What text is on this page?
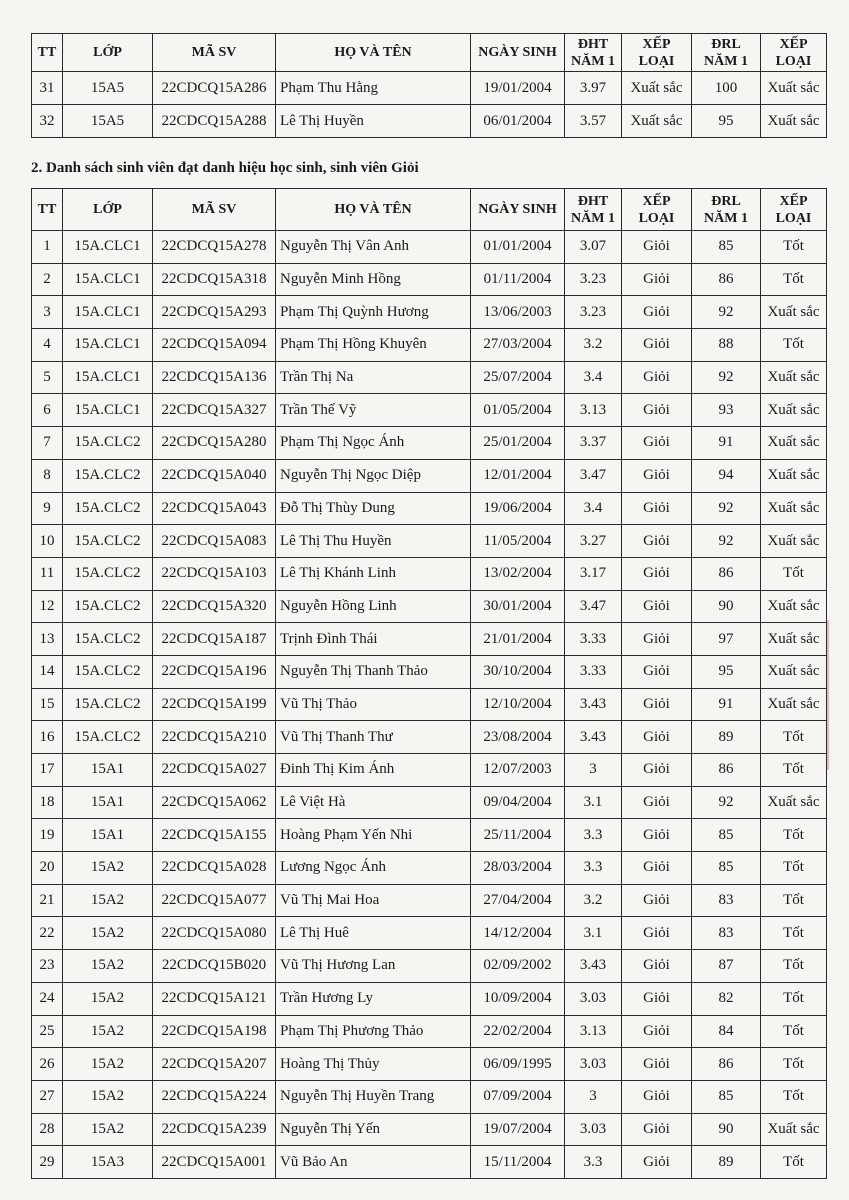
TT	LỚP	MÃ SV	HỌ VÀ TÊN	NGÀY SINH	ĐHT NĂM 1	XẾP LOẠI	ĐRL NĂM 1	XẾP LOẠI
31	15A5	22CDCQ15A286	Phạm Thu Hằng	19/01/2004	3.97	Xuất sắc	100	Xuất sắc
32	15A5	22CDCQ15A288	Lê Thị Huyền	06/01/2004	3.57	Xuất sắc	95	Xuất sắc

2. Danh sách sinh viên đạt danh hiệu học sinh, sinh viên Giỏi

TT	LỚP	MÃ SV	HỌ VÀ TÊN	NGÀY SINH	ĐHT NĂM 1	XẾP LOẠI	ĐRL NĂM 1	XẾP LOẠI
1	15A.CLC1	22CDCQ15A278	Nguyễn Thị Vân Anh	01/01/2004	3.07	Giỏi	85	Tốt
2	15A.CLC1	22CDCQ15A318	Nguyễn Minh Hồng	01/11/2004	3.23	Giỏi	86	Tốt
3	15A.CLC1	22CDCQ15A293	Phạm Thị Quỳnh Hương	13/06/2003	3.23	Giỏi	92	Xuất sắc
4	15A.CLC1	22CDCQ15A094	Phạm Thị Hồng Khuyên	27/03/2004	3.2	Giỏi	88	Tốt
5	15A.CLC1	22CDCQ15A136	Trần Thị Na	25/07/2004	3.4	Giỏi	92	Xuất sắc
6	15A.CLC1	22CDCQ15A327	Trần Thế Vỹ	01/05/2004	3.13	Giỏi	93	Xuất sắc
7	15A.CLC2	22CDCQ15A280	Phạm Thị Ngọc Ánh	25/01/2004	3.37	Giỏi	91	Xuất sắc
8	15A.CLC2	22CDCQ15A040	Nguyễn Thị Ngọc Diệp	12/01/2004	3.47	Giỏi	94	Xuất sắc
9	15A.CLC2	22CDCQ15A043	Đỗ Thị Thùy Dung	19/06/2004	3.4	Giỏi	92	Xuất sắc
10	15A.CLC2	22CDCQ15A083	Lê Thị Thu Huyền	11/05/2004	3.27	Giỏi	92	Xuất sắc
11	15A.CLC2	22CDCQ15A103	Lê Thị Khánh Linh	13/02/2004	3.17	Giỏi	86	Tốt
12	15A.CLC2	22CDCQ15A320	Nguyễn Hồng Linh	30/01/2004	3.47	Giỏi	90	Xuất sắc
13	15A.CLC2	22CDCQ15A187	Trịnh Đình Thái	21/01/2004	3.33	Giỏi	97	Xuất sắc
14	15A.CLC2	22CDCQ15A196	Nguyễn Thị Thanh Thảo	30/10/2004	3.33	Giỏi	95	Xuất sắc
15	15A.CLC2	22CDCQ15A199	Vũ Thị Thảo	12/10/2004	3.43	Giỏi	91	Xuất sắc
16	15A.CLC2	22CDCQ15A210	Vũ Thị Thanh Thư	23/08/2004	3.43	Giỏi	89	Tốt
17	15A1	22CDCQ15A027	Đinh Thị Kim Ánh	12/07/2003	3	Giỏi	86	Tốt
18	15A1	22CDCQ15A062	Lê Việt Hà	09/04/2004	3.1	Giỏi	92	Xuất sắc
19	15A1	22CDCQ15A155	Hoàng Phạm Yến Nhi	25/11/2004	3.3	Giỏi	85	Tốt
20	15A2	22CDCQ15A028	Lương Ngọc Ánh	28/03/2004	3.3	Giỏi	85	Tốt
21	15A2	22CDCQ15A077	Vũ Thị Mai Hoa	27/04/2004	3.2	Giỏi	83	Tốt
22	15A2	22CDCQ15A080	Lê Thị Huê	14/12/2004	3.1	Giỏi	83	Tốt
23	15A2	22CDCQ15B020	Vũ Thị Hương Lan	02/09/2002	3.43	Giỏi	87	Tốt
24	15A2	22CDCQ15A121	Trần Hương Ly	10/09/2004	3.03	Giỏi	82	Tốt
25	15A2	22CDCQ15A198	Phạm Thị Phương Thảo	22/02/2004	3.13	Giỏi	84	Tốt
26	15A2	22CDCQ15A207	Hoàng Thị Thủy	06/09/1995	3.03	Giỏi	86	Tốt
27	15A2	22CDCQ15A224	Nguyễn Thị Huyền Trang	07/09/2004	3	Giỏi	85	Tốt
28	15A2	22CDCQ15A239	Nguyễn Thị Yến	19/07/2004	3.03	Giỏi	90	Xuất sắc
29	15A3	22CDCQ15A001	Vũ Bảo An	15/11/2004	3.3	Giỏi	89	Tốt
